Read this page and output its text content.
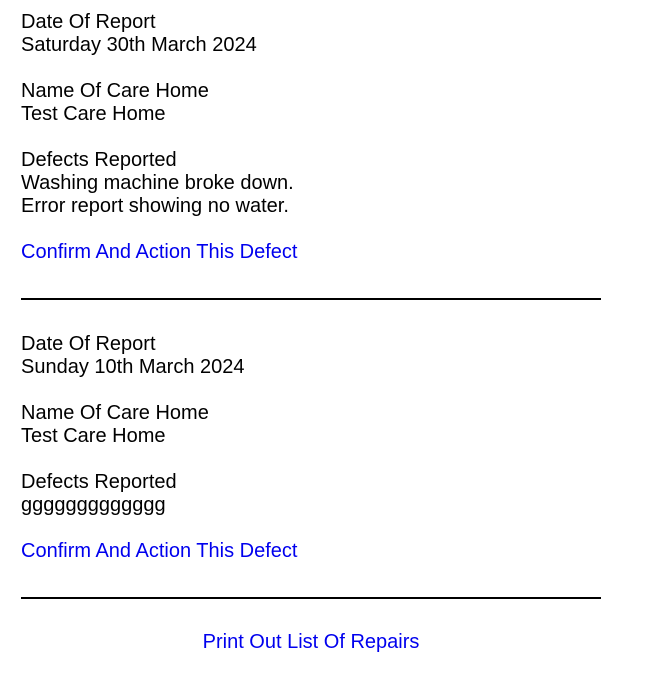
Date Of Report
Saturday 30th March 2024
Name Of Care Home
Test Care Home
Defects Reported
Washing machine broke down.
Error report showing no water.
Confirm And Action This Defect
Date Of Report
Sunday 10th March 2024
Name Of Care Home
Test Care Home
Defects Reported
ggggggggggggg
Confirm And Action This Defect
Print Out List Of Repairs
